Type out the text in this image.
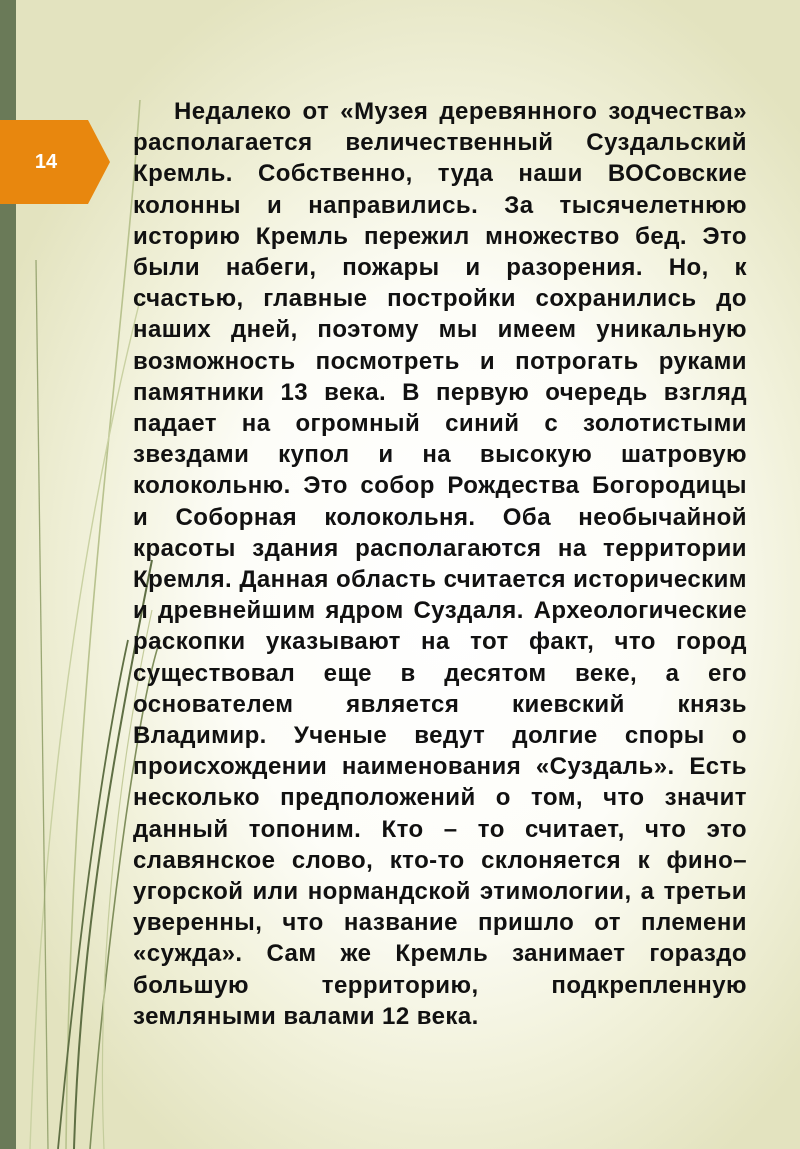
14

Недалеко от «Музея деревянного зодчества» располагается величественный Суздальский Кремль. Собственно, туда наши ВОСовские колонны и направились. За тысячелетнюю историю Кремль пережил множество бед. Это были набеги, пожары и разорения. Но, к счастью, главные постройки сохранились до наших дней, поэтому мы имеем уникальную возможность посмотреть и потрогать руками памятники 13 века. В первую очередь взгляд падает на огромный синий с золотистыми звездами купол и на высокую шатровую колокольню. Это собор Рождества Богородицы и Соборная колокольня. Оба необычайной красоты здания располагаются на территории Кремля. Данная область считается историческим и древнейшим ядром Суздаля. Археологические раскопки указывают на тот факт, что город существовал еще в десятом веке, а его основателем является киевский князь Владимир. Ученые ведут долгие споры о происхождении наименования «Суздаль». Есть несколько предположений о том, что значит данный топоним. Кто – то считает, что это славянское слово, кто-то склоняется к фино–угорской или нормандской этимологии, а третьи уверенны, что название пришло от племени «сужда». Сам же Кремль занимает гораздо большую территорию, подкрепленную земляными валами 12 века.
